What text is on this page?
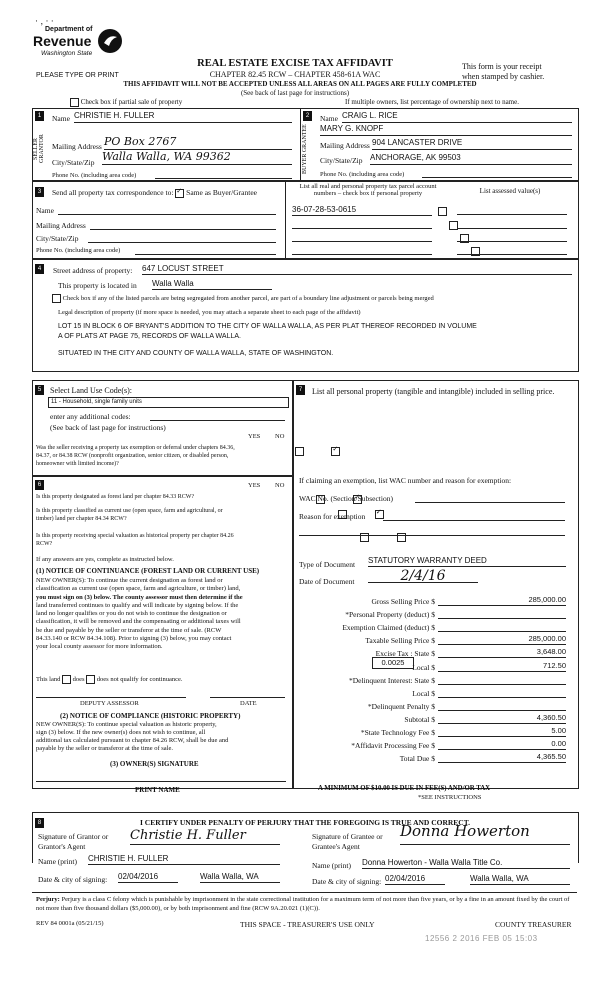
· ‚ · ·
Department of
Revenue
Washington State
PLEASE TYPE OR PRINT
REAL ESTATE EXCISE TAX AFFIDAVIT
CHAPTER 82.45 RCW – CHAPTER 458-61A WAC
THIS AFFIDAVIT WILL NOT BE ACCEPTED UNLESS ALL AREAS ON ALL PAGES ARE FULLY COMPLETED
(See back of last page for instructions)
This form is your receipt
when stamped by cashier.
Check box if partial sale of property	If multiple owners, list percentage of ownership next to name.
1
SELLER GRANTOR
Name CHRISTIE H. FULLER
Mailing Address PO Box 2767
City/State/Zip Walla Walla, WA 99362
Phone No. (including area code)
2
BUYER GRANTEE
Name CRAIG L. RICE
MARY G. KNOPF
Mailing Address 904 LANCASTER DRIVE
City/State/Zip ANCHORAGE, AK 99503
Phone No. (including area code)
3	Send all property tax correspondence to: ✓ Same as Buyer/Grantee
Name
Mailing Address
City/State/Zip
Phone No. (including area code)
List all real and personal property tax parcel account numbers – check box if personal property	List assessed value(s)
36-07-28-53-0615

4	Street address of property: 647 LOCUST STREET
This property is located in Walla Walla
Check box if any of the listed parcels are being segregated from another parcel, are part of a boundary line adjustment or parcels being merged
Legal description of property (if more space is needed, you may attach a separate sheet to each page of the affidavit)
LOT 15 IN BLOCK 6 OF BRYANT'S ADDITION TO THE CITY OF WALLA WALLA, AS PER PLAT THEREOF RECORDED IN VOLUME
A OF PLATS AT PAGE 75, RECORDS OF WALLA WALLA.
SITUATED IN THE CITY AND COUNTY OF WALLA WALLA, STATE OF WASHINGTON.
5	Select Land Use Code(s):
11 - Household, single family units
enter any additional codes:
(See back of last page for instructions)
YES NO
Was the seller receiving a property tax exemption or deferral under chapters 84.36, 84.37, or 84.38 RCW (nonprofit organization, senior citizen, or disabled person, homeowner with limited income)?
✓
6	YES NO
Is this property designated as forest land per chapter 84.33 RCW?
✓
Is this property classified as current use (open space, farm and agricultural, or timber) land per chapter 84.34 RCW?
✓
Is this property receiving special valuation as historical property per chapter 84.26 RCW?

If any answers are yes, complete as instructed below.
(1) NOTICE OF CONTINUANCE (FOREST LAND OR CURRENT USE)
NEW OWNER(S): To continue the current designation as forest land or
classification as current use (open space, farm and agriculture, or timber) land,
you must sign on (3) below. The county assessor must then determine if the
land transferred continues to qualify and will indicate by signing below. If the
land no longer qualifies or you do not wish to continue the designation or
classification, it will be removed and the compensating or additional taxes will
be due and payable by the seller or transferor at the time of sale. (RCW
84.33.140 or RCW 84.34.108). Prior to signing (3) below, you may contact
your local county assessor for more information.
This land does does not qualify for continuance.
DEPUTY ASSESSOR	DATE
(2) NOTICE OF COMPLIANCE (HISTORIC PROPERTY)
NEW OWNER(S): To continue special valuation as historic property,
sign (3) below. If the new owner(s) does not wish to continue, all
additional tax calculated pursuant to chapter 84.26 RCW, shall be due and
payable by the seller or transferor at the time of sale.
(3) OWNER(S) SIGNATURE
PRINT NAME
7	List all personal property (tangible and intangible) included in selling price.
If claiming an exemption, list WAC number and reason for exemption:
WAC No. (Section/Subsection)
Reason for exemption
Type of Document STATUTORY WARRANTY DEED
Date of Document	2/4/16
Gross Selling Price $	285,000.00
*Personal Property (deduct) $
Exemption Claimed (deduct) $
Taxable Selling Price $	285,000.00
Excise Tax : State $	3,648.00
Local $	712.50
*Delinquent Interest: State $
Local $
*Delinquent Penalty $
Subtotal $	4,360.50
*State Technology Fee $	5.00
*Affidavit Processing Fee $	0.00
Total Due $	4,365.50
0.0025
A MINIMUM OF $10.00 IS DUE IN FEE(S) AND/OR TAX
*SEE INSTRUCTIONS
8	I CERTIFY UNDER PENALTY OF PERJURY THAT THE FOREGOING IS TRUE AND CORRECT.
Signature of Grantor or Grantor's Agent
Christie H. Fuller	Signature of Grantee or Grantee's Agent
Donna Howerton
Name (print) CHRISTIE H. FULLER
Name (print) Donna Howerton - Walla Walla Title Co.
Date & city of signing: 02/04/2016	Walla Walla, WA
Date & city of signing: 02/04/2016	Walla Walla, WA
Perjury: Perjury is a class C felony which is punishable by imprisonment in the state correctional institution for a maximum term of not more than five years, or by a fine in an amount fixed by the court of not more than five thousand dollars ($5,000.00), or by both imprisonment and fine (RCW 9A.20.021 (1)(C)).
REV 84 0001a (05/21/15)	THIS SPACE - TREASURER'S USE ONLY	COUNTY TREASURER
12556 2 2016 FEB 05 15:03
